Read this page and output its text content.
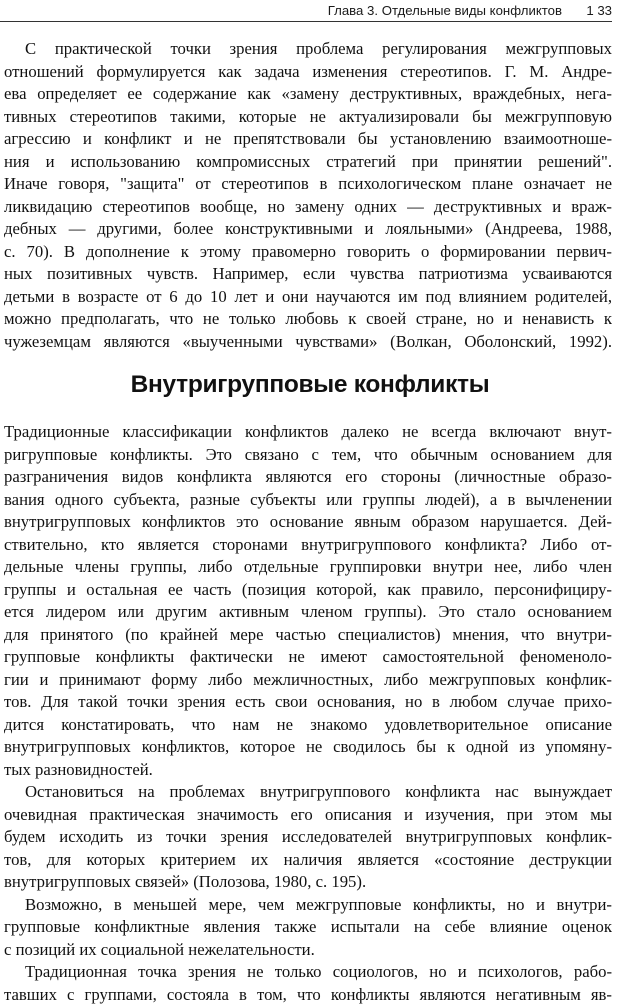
Глава 3. Отдельные виды конфликтов 1 33
С практической точки зрения проблема регулирования межгрупповых
отношений формулируется как задача изменения стереотипов. Г. М. Андре-
ева определяет ее содержание как «замену деструктивных, враждебных, нега-
тивных стереотипов такими, которые не актуализировали бы межгрупповую
агрессию и конфликт и не препятствовали бы установлению взаимоотноше-
ния и использованию компромиссных стратегий при принятии решений".
Иначе говоря, "защита" от стереотипов в психологическом плане означает не
ликвидацию стереотипов вообще, но замену одних — деструктивных и враж-
дебных — другими, более конструктивными и лояльными» (Андреева, 1988,
с. 70). В дополнение к этому правомерно говорить о формировании первич-
ных позитивных чувств. Например, если чувства патриотизма усваиваются
детьми в возрасте от 6 до 10 лет и они научаются им под влиянием родителей,
можно предполагать, что не только любовь к своей стране, но и ненависть к
чужеземцам являются «выученными чувствами» (Волкан, Оболонский, 1992).
Внутригрупповые конфликты
Традиционные классификации конфликтов далеко не всегда включают внут-
ригрупповые конфликты. Это связано с тем, что обычным основанием для
разграничения видов конфликта являются его стороны (личностные образо-
вания одного субъекта, разные субъекты или группы людей), а в вычленении
внутригрупповых конфликтов это основание явным образом нарушается. Дей-
ствительно, кто является сторонами внутригруппового конфликта? Либо от-
дельные члены группы, либо отдельные группировки внутри нее, либо член
группы и остальная ее часть (позиция которой, как правило, персонифициру-
ется лидером или другим активным членом группы). Это стало основанием
для принятого (по крайней мере частью специалистов) мнения, что внутри-
групповые конфликты фактически не имеют самостоятельной феноменоло-
гии и принимают форму либо межличностных, либо межгрупповых конфлик-
тов. Для такой точки зрения есть свои основания, но в любом случае прихо-
дится констатировать, что нам не знакомо удовлетворительное описание
внутригрупповых конфликтов, которое не сводилось бы к одной из упомяну-
тых разновидностей.
Остановиться на проблемах внутригруппового конфликта нас вынуждает
очевидная практическая значимость его описания и изучения, при этом мы
будем исходить из точки зрения исследователей внутригрупповых конфлик-
тов, для которых критерием их наличия является «состояние деструкции
внутригрупповых связей» (Полозова, 1980, с. 195).
Возможно, в меньшей мере, чем межгрупповые конфликты, но и внутри-
групповые конфликтные явления также испытали на себе влияние оценок
с позиций их социальной нежелательности.
Традиционная точка зрения не только социологов, но и психологов, рабо-
тавших с группами, состояла в том, что конфликты являются негативным яв-
